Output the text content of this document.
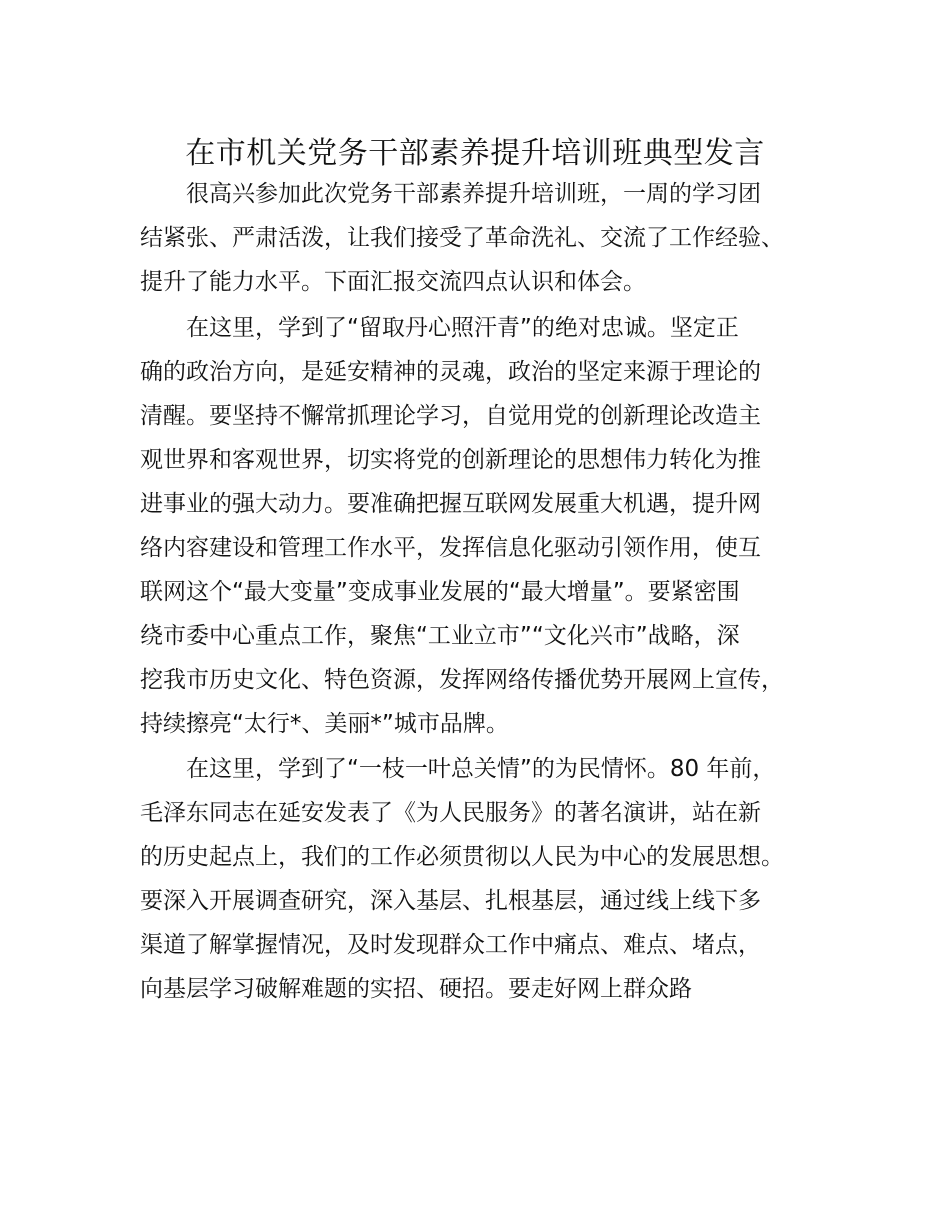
在市机关党务干部素养提升培训班典型发言
很高兴参加此次党务干部素养提升培训班，一周的学习团
结紧张、严肃活泼，让我们接受了革命洗礼、交流了工作经验、
提升了能力水平。下面汇报交流四点认识和体会。
在这里，学到了“留取丹心照汗青”的绝对忠诚。坚定正
确的政治方向，是延安精神的灵魂，政治的坚定来源于理论的
清醒。要坚持不懈常抓理论学习，自觉用党的创新理论改造主
观世界和客观世界，切实将党的创新理论的思想伟力转化为推
进事业的强大动力。要准确把握互联网发展重大机遇，提升网
络内容建设和管理工作水平，发挥信息化驱动引领作用，使互
联网这个“最大变量”变成事业发展的“最大增量”。要紧密围
绕市委中心重点工作，聚焦“工业立市”“文化兴市”战略，深
挖我市历史文化、特色资源，发挥网络传播优势开展网上宣传，
持续擦亮“太行*、美丽*”城市品牌。
在这里，学到了“一枝一叶总关情”的为民情怀。80 年前，
毛泽东同志在延安发表了《为人民服务》的著名演讲，站在新
的历史起点上，我们的工作必须贯彻以人民为中心的发展思想。
要深入开展调查研究，深入基层、扎根基层，通过线上线下多
渠道了解掌握情况，及时发现群众工作中痛点、难点、堵点，
向基层学习破解难题的实招、硬招。要走好网上群众路
